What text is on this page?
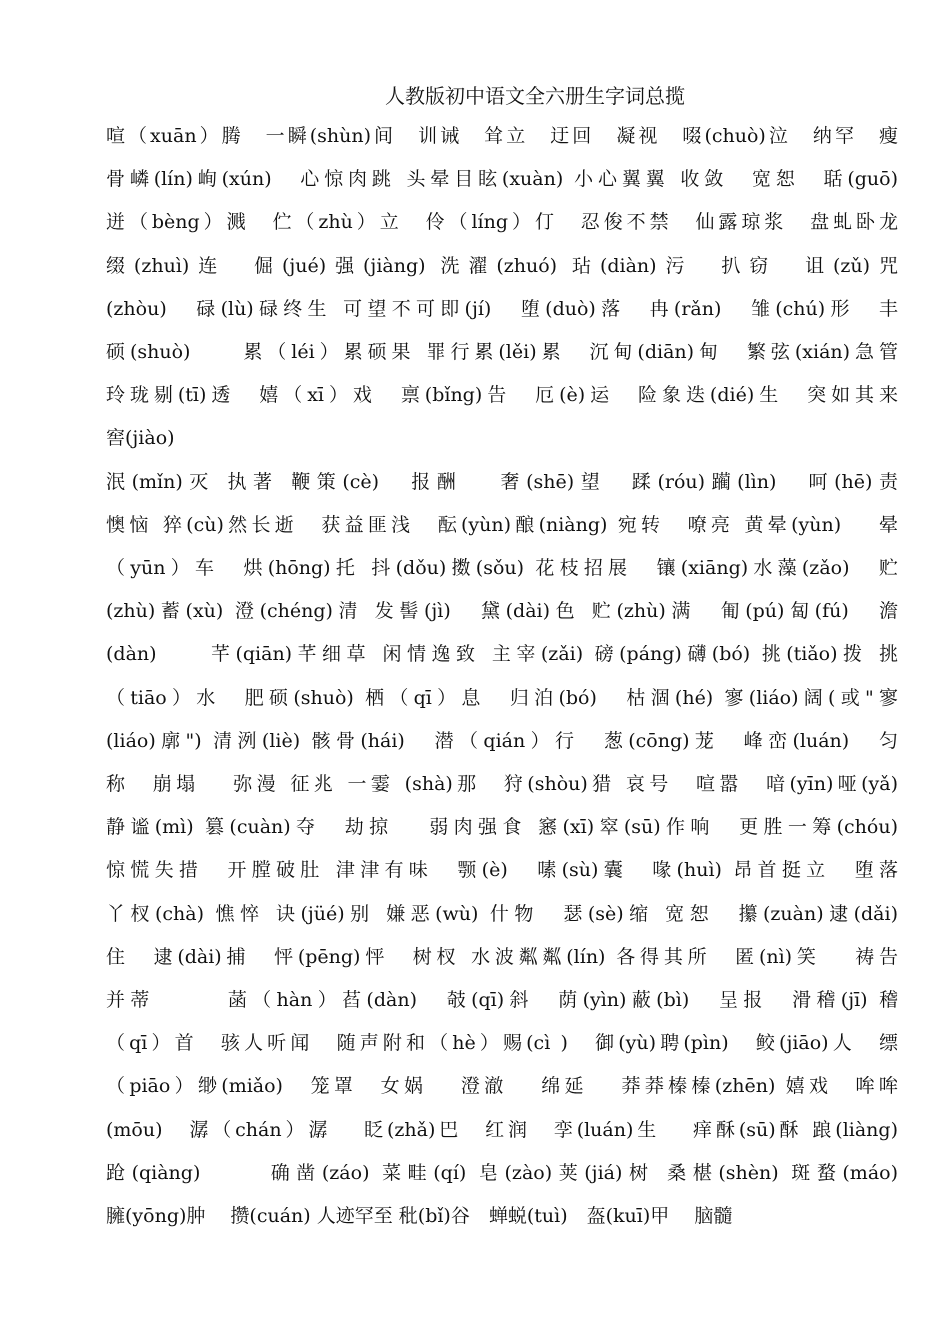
人教版初中语文全六册生字词总揽
喧（xuān）腾　一瞬(shùn)间　训诫　耸立　迂回　凝视　啜(chuò)泣　纳罕　瘦
骨嶙(lín)峋(xún)　心惊肉跳 头晕目眩(xuàn) 小心翼翼 收敛　宽恕　聒(guō)
迸（bèng）溅　伫（zhù）立　伶（líng）仃　忍俊不禁　仙露琼浆　盘虬卧龙
缀(zhuì)连　倔(jué)强(jiàng) 洗濯(zhuó) 玷(diàn)污　扒窃　诅(zǔ)咒
(zhòu)　碌(lù)碌终生 可望不可即(jí)　堕(duò)落　冉(rǎn)　雏(chú)形　丰
硕(shuò)　　累（léi）累硕果 罪行累(lěi)累　沉甸(diān)甸　繁弦(xián)急管
玲珑剔(tī)透　嬉（xī）戏　禀(bǐng)告　厄(è)运　险象迭(dié)生　突如其来
窖(jiào)
泯(mǐn)灭 执著 鞭策(cè)　报酬　 奢(shē)望　蹂(róu)躏(lìn)　呵(hē)责
懊恼 猝(cù)然长逝　获益匪浅　酝(yùn)酿(niàng) 宛转　嘹亮 黄晕(yùn)　 晕
（yūn）车　烘(hōng)托 抖(dǒu)擞(sǒu) 花枝招展　镶(xiāng)水藻(zǎo)　贮
(zhù)蓄(xù) 澄(chéng)清 发髻(jì)　黛(dài)色 贮(zhù)满　匍(pú)匐(fú)　澹
(dàn)　　芊(qiān)芊细草 闲情逸致 主宰(zǎi) 磅(páng)礴(bó) 挑(tiǎo)拨 挑
（tiāo）水　肥硕(shuò) 栖（qī）息　归泊(bó)　枯涸(hé) 寥(liáo)阔(或"寥
(liáo)廓") 清洌(liè) 骸骨(hái)　潜（qián）行　葱(cōng)茏　峰峦(luán)　匀
称　崩塌　 弥漫 征兆 一霎 (shà)那　狩(shòu)猎 哀号　喧嚣　喑(yīn)哑(yǎ)
静谧(mì) 篡(cuàn)夺　劫掠　 弱肉强食 窸(xī)窣(sū)作响　更胜一筹(chóu)
惊慌失措　开膛破肚 津津有味　颚(è)　嗉(sù)囊　喙(huì) 昂首挺立　堕落
丫杈(chà) 憔悴 诀(jüé)别 嫌恶(wù) 什物　瑟(sè)缩 宽恕　攥(zuàn)逮(dǎi)
住　逮(dài)捕　怦(pēng)怦　树杈 水波粼粼(lín) 各得其所　匿(nì)笑　 祷告
并蒂　　　菡（hàn）萏(dàn)　攲(qī)斜　荫(yìn)蔽(bì)　呈报　滑稽(jī) 稽
（qī）首　骇人听闻　随声附和（hè）赐(cì )　御(yù)聘(pìn)　鲛(jiāo)人　缥
（piāo）缈(miǎo)　笼罩　女娲　 澄澈　 绵延　 莽莽榛榛(zhēn) 嬉戏　哞哞
(mōu)　潺（chán）潺　 眨(zhǎ)巴　红润　孪(luán)生　 痒酥(sū)酥 踉(liàng)
跄(qiàng)　　 确凿(záo) 菜畦(qí) 皂(zào)荚(jiá)树 桑椹(shèn) 斑蝥(máo)
臃(yōng)肿　 攒(cuán) 人迹罕至 秕(bǐ)谷　蝉蜕(tuì)　盔(kuī)甲　 脑髓
